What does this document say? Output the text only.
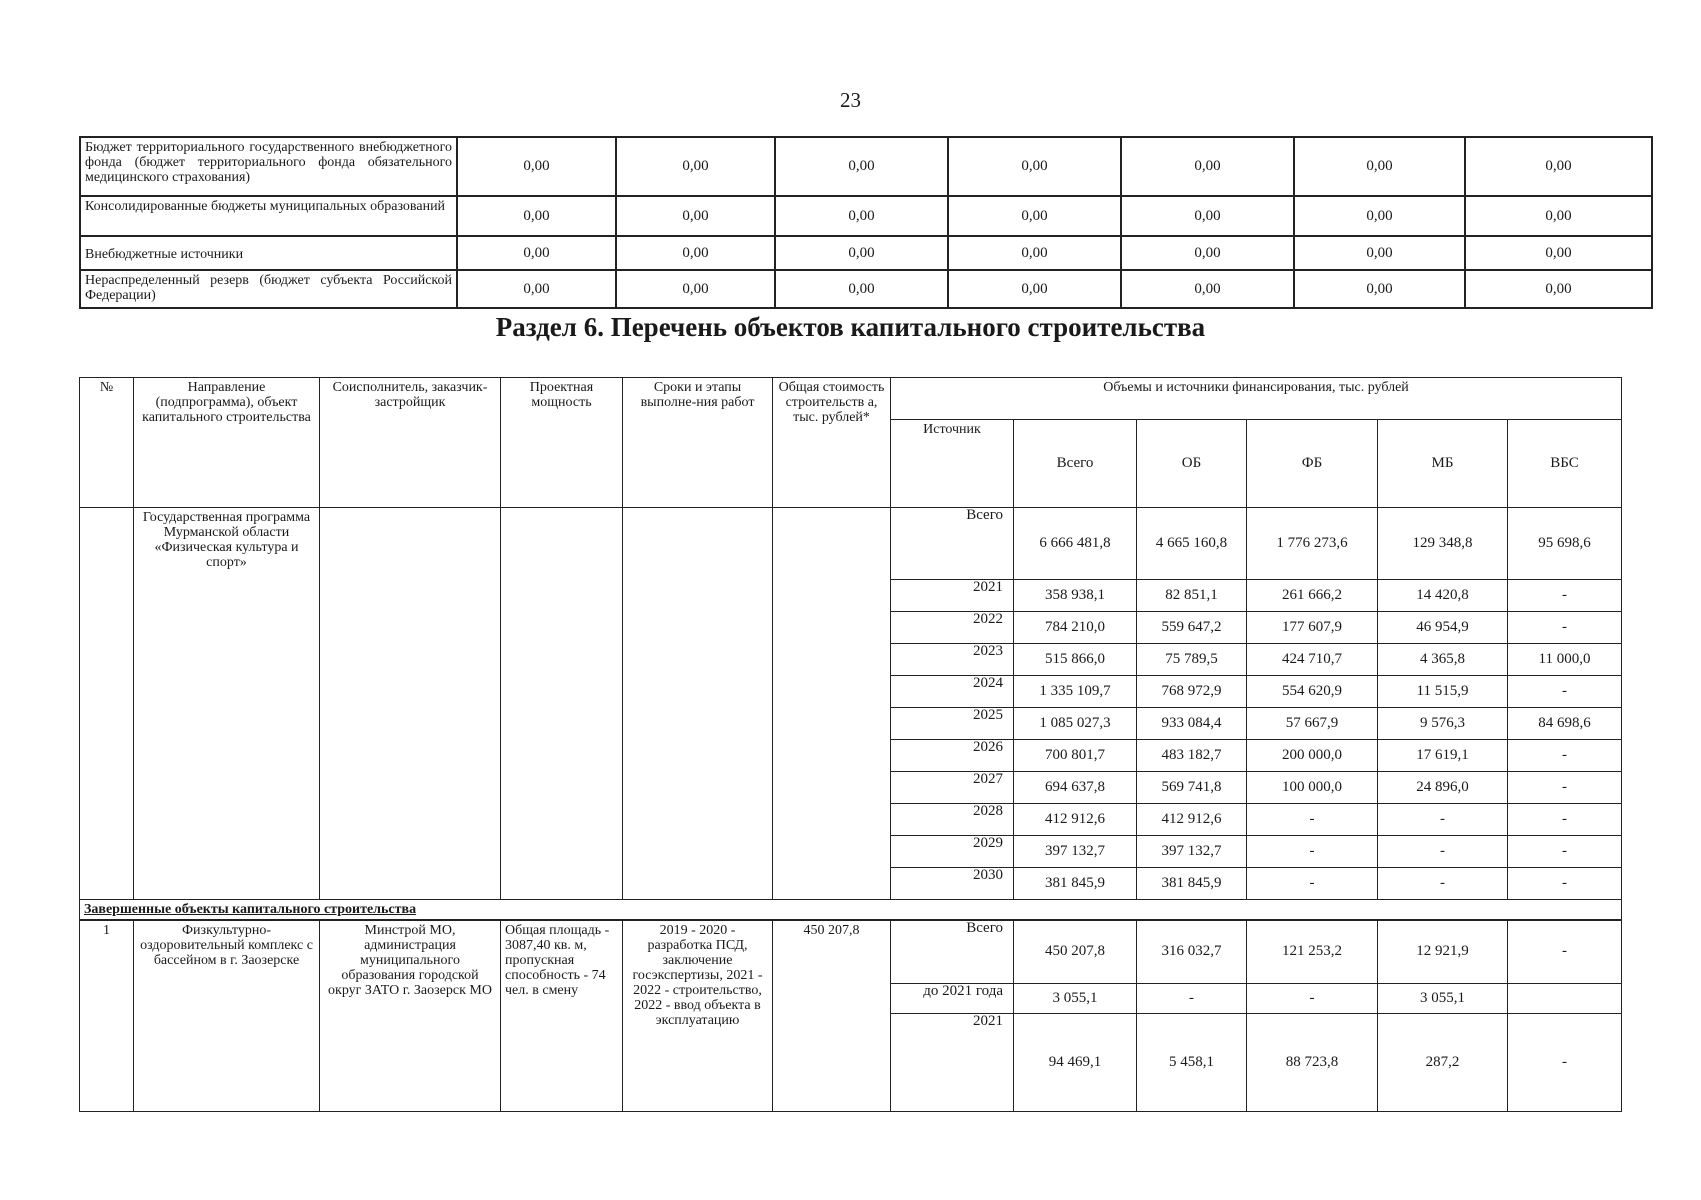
23
Бюджет территориального государственного внебюджетного фонда (бюджет территориального фонда обязательного медицинского страхования)	0,00	0,00	0,00	0,00	0,00	0,00	0,00
Консолидированные бюджеты муниципальных образований	0,00	0,00	0,00	0,00	0,00	0,00	0,00
Внебюджетные источники	0,00	0,00	0,00	0,00	0,00	0,00	0,00
Нераспределенный резерв (бюджет субъекта Российской Федерации)	0,00	0,00	0,00	0,00	0,00	0,00	0,00
Раздел 6. Перечень объектов капитального строительства
№	Направление (подпрограмма), объект капитального строительства	Соисполнитель, заказчик-застройщик	Проектная мощность	Сроки и этапы выполне-ния работ	Общая стоимость строительств а, тыс. рублей*	Объемы и источники финансирования, тыс. рублей					
						Источник	Всего	ОБ	ФБ	МБ	ВБС
	Государственная программа Мурманской области «Физическая культура и спорт»					Всего	6 666 481,8	4 665 160,8	1 776 273,6	129 348,8	95 698,6
						2021	358 938,1	82 851,1	261 666,2	14 420,8	-
						2022	784 210,0	559 647,2	177 607,9	46 954,9	-
						2023	515 866,0	75 789,5	424 710,7	4 365,8	11 000,0
						2024	1 335 109,7	768 972,9	554 620,9	11 515,9	-
						2025	1 085 027,3	933 084,4	57 667,9	9 576,3	84 698,6
						2026	700 801,7	483 182,7	200 000,0	17 619,1	-
						2027	694 637,8	569 741,8	100 000,0	24 896,0	-
						2028	412 912,6	412 912,6	-	-	-
						2029	397 132,7	397 132,7	-	-	-
						2030	381 845,9	381 845,9	-	-	-
Завершенные объекты капитального строительства											
1	Физкультурно-оздоровительный комплекс с бассейном в г. Заозерске	Минстрой МО, администрация муниципального образования городской округ ЗАТО г. Заозерск МО	Общая площадь - 3087,40 кв. м, пропускная способность - 74 чел. в смену	2019 - 2020 - разработка ПСД, заключение госэкспертизы, 2021 - 2022 - строительство, 2022 - ввод объекта в эксплуатацию	450 207,8	Всего	450 207,8	316 032,7	121 253,2	12 921,9	-
						до 2021 года	3 055,1	-	-	3 055,1	
						2021	94 469,1	5 458,1	88 723,8	287,2	-
